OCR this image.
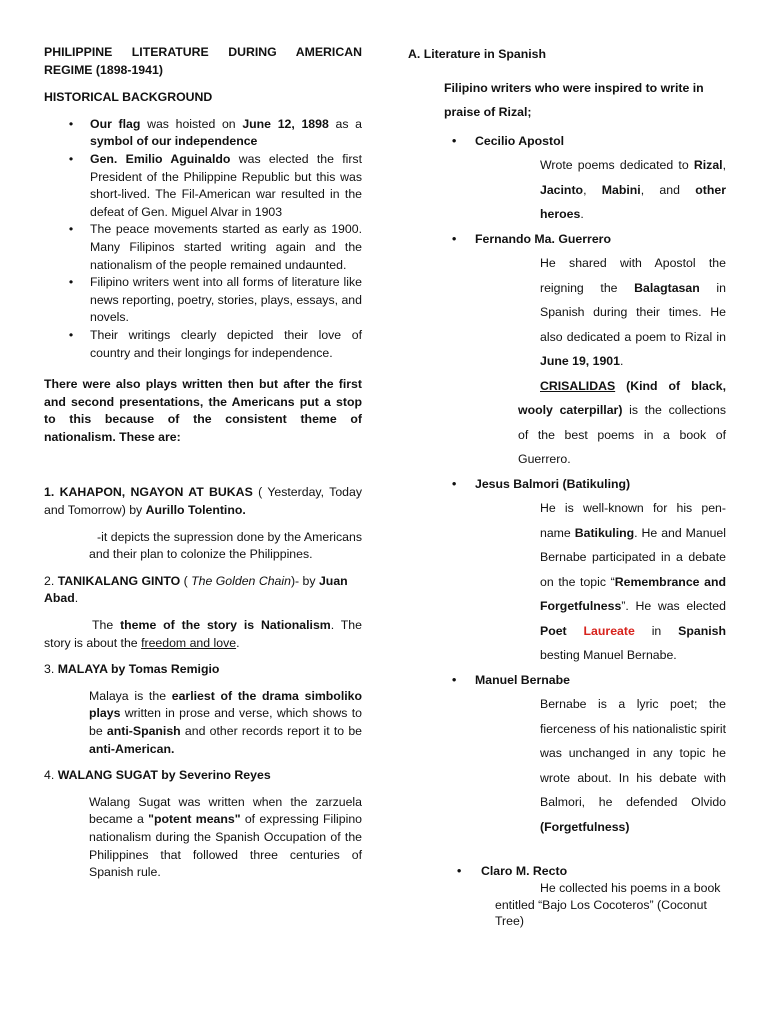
PHILIPPINE LITERATURE DURING AMERICAN REGIME (1898-1941)
HISTORICAL BACKGROUND
• Our flag was hoisted on June 12, 1898 as a symbol of our independence
• Gen. Emilio Aguinaldo was elected the first President of the Philippine Republic but this was short-lived. The Fil-American war resulted in the defeat of Gen. Miguel Alvar in 1903
• The peace movements started as early as 1900. Many Filipinos started writing again and the nationalism of the people remained undaunted.
• Filipino writers went into all forms of literature like news reporting, poetry, stories, plays, essays, and novels.
• Their writings clearly depicted their love of country and their longings for independence.
There were also plays written then but after the first and second presentations, the Americans put a stop to this because of the consistent theme of nationalism. These are:
1. KAHAPON, NGAYON AT BUKAS ( Yesterday, Today and Tomorrow) by Aurillo Tolentino.
-it depicts the supression done by the Americans and their plan to colonize the Philippines.
2. TANIKALANG GINTO ( The Golden Chain)- by Juan Abad.
The theme of the story is Nationalism. The story is about the freedom and love.
3. MALAYA by Tomas Remigio
Malaya is the earliest of the drama simboliko plays written in prose and verse, which shows to be anti-Spanish and other records report it to be anti-American.
4. WALANG SUGAT by Severino Reyes
Walang Sugat was written when the zarzuela became a "potent means" of expressing Filipino nationalism during the Spanish Occupation of the Philippines that followed three centuries of Spanish rule.
A. Literature in Spanish
Filipino writers who were inspired to write in praise of Rizal;
• Cecilio Apostol
Wrote poems dedicated to Rizal, Jacinto, Mabini, and other heroes.
• Fernando Ma. Guerrero
He shared with Apostol the reigning the Balagtasan in Spanish during their times. He also dedicated a poem to Rizal in June 19, 1901.
CRISALIDAS (Kind of black, wooly caterpillar) is the collections of the best poems in a book of Guerrero.
• Jesus Balmori (Batikuling)
He is well-known for his pen-name Batikuling. He and Manuel Bernabe participated in a debate on the topic “Remembrance and Forgetfulness”. He was elected Poet Laureate in Spanish besting Manuel Bernabe.
• Manuel Bernabe
Bernabe is a lyric poet; the fierceness of his nationalistic spirit was unchanged in any topic he wrote about. In his debate with Balmori, he defended Olvido (Forgetfulness)
• Claro M. Recto
He collected his poems in a book
entitled “Bajo Los Cocoteros” (Coconut Tree)
